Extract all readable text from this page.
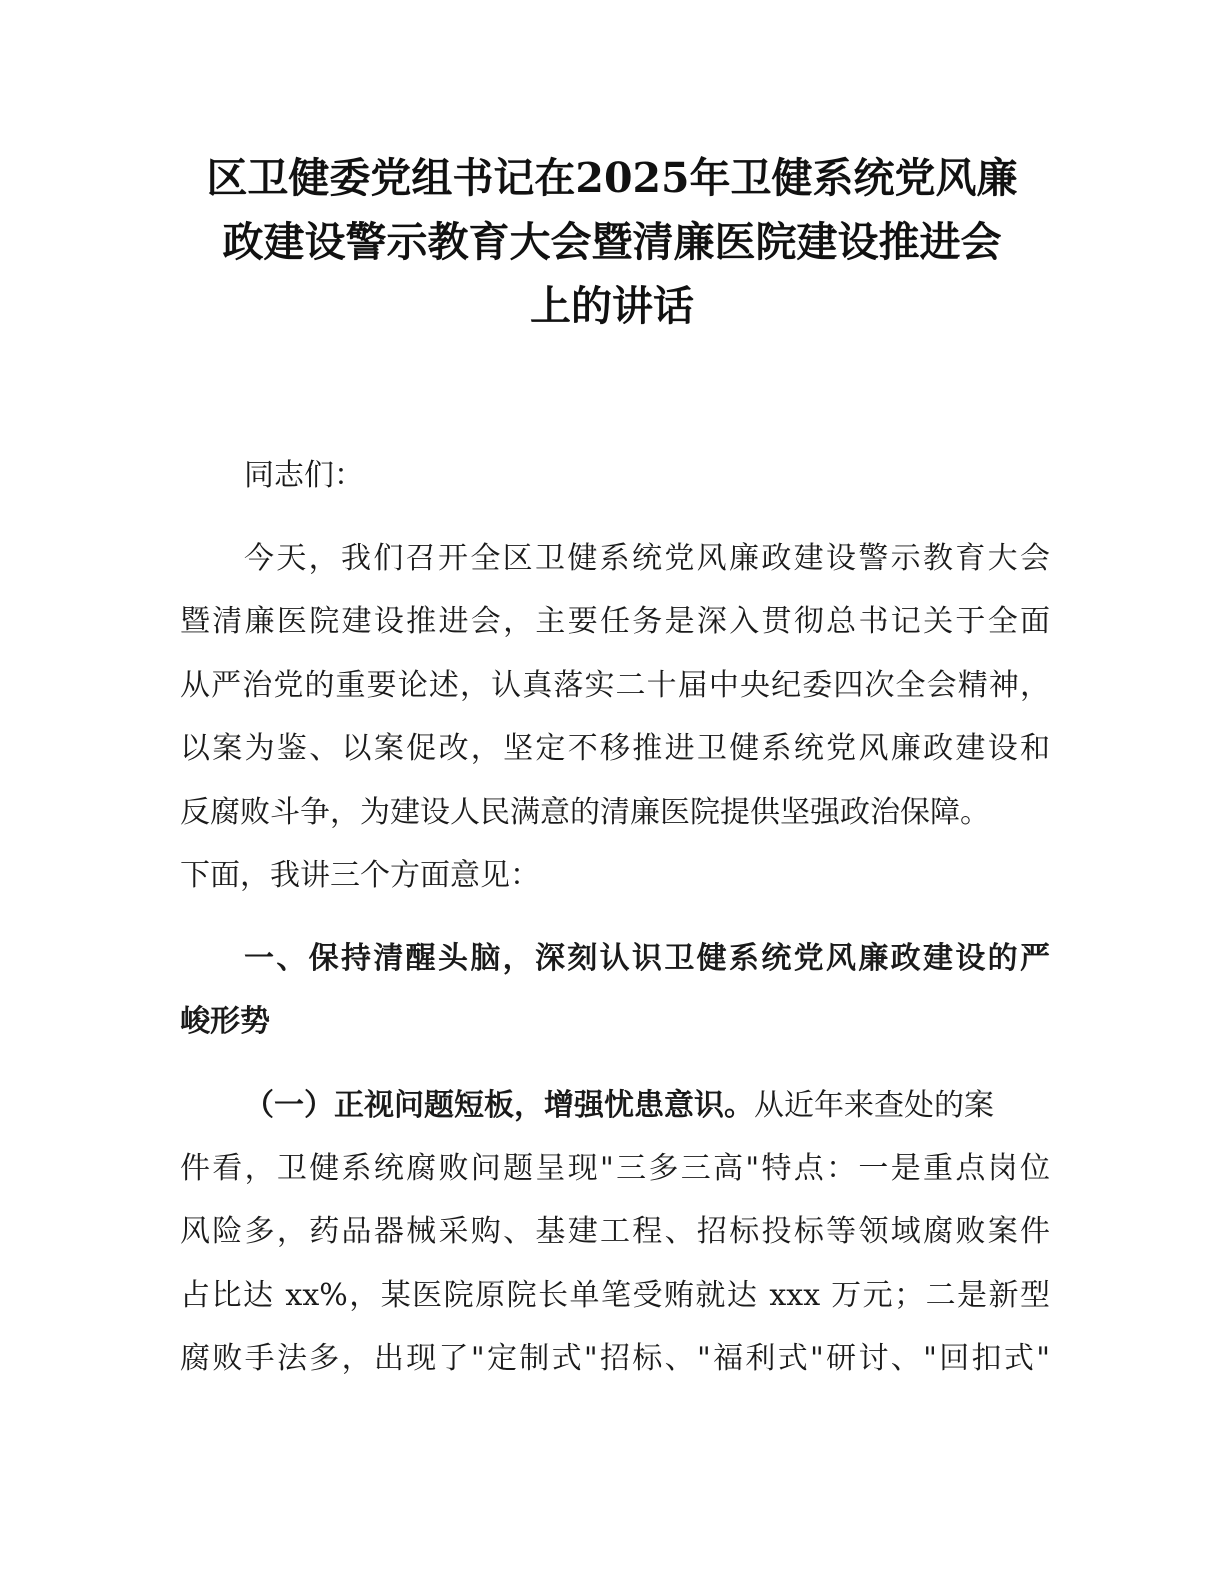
区卫健委党组书记在2025年卫健系统党风廉
政建设警示教育大会暨清廉医院建设推进会
上的讲话
同志们：
今天，我们召开全区卫健系统党风廉政建设警示教育大会
暨清廉医院建设推进会，主要任务是深入贯彻总书记关于全面
从严治党的重要论述，认真落实二十届中央纪委四次全会精神，
以案为鉴、以案促改，坚定不移推进卫健系统党风廉政建设和
反腐败斗争，为建设人民满意的清廉医院提供坚强政治保障。
下面，我讲三个方面意见：
一、保持清醒头脑，深刻认识卫健系统党风廉政建设的严
峻形势
（一）正视问题短板，增强忧患意识。从近年来查处的案
件看，卫健系统腐败问题呈现"三多三高"特点：一是重点岗位
风险多，药品器械采购、基建工程、招标投标等领域腐败案件
占比达 xx%，某医院原院长单笔受贿就达 xxx 万元；二是新型
腐败手法多，出现了"定制式"招标、"福利式"研讨、"回扣式"
